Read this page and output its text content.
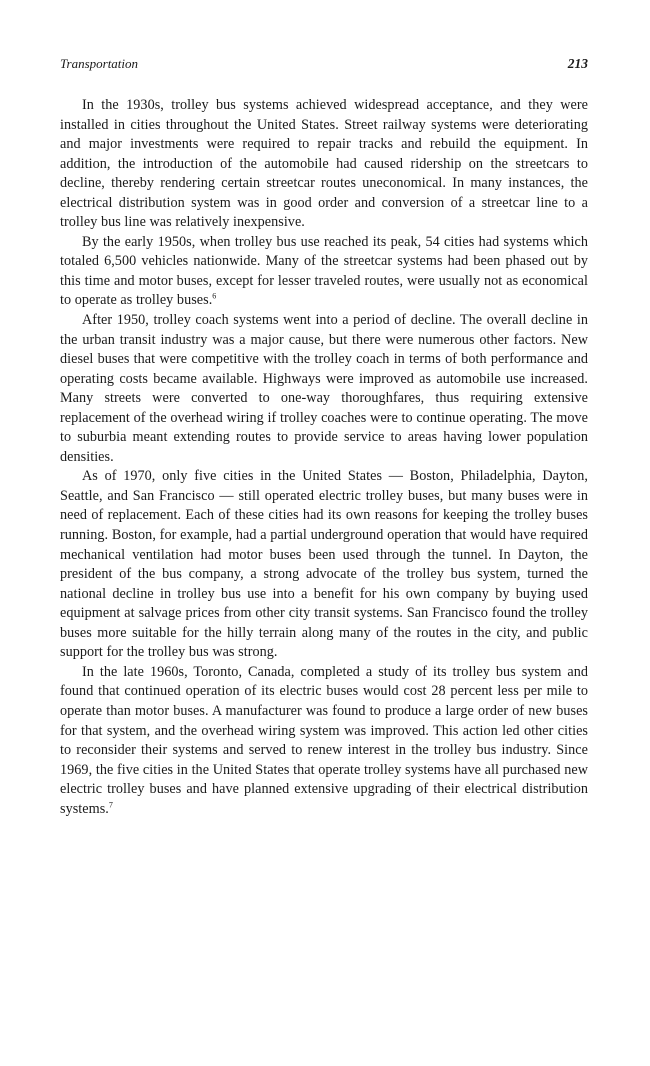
Transportation	213

In the 1930s, trolley bus systems achieved widespread acceptance, and they were installed in cities throughout the United States. Street railway systems were deteriorating and major investments were required to repair tracks and rebuild the equipment. In addition, the introduction of the automobile had caused ridership on the streetcars to decline, thereby rendering certain streetcar routes uneconomical. In many instances, the electrical distribution system was in good order and conversion of a streetcar line to a trolley bus line was relatively inexpensive.

By the early 1950s, when trolley bus use reached its peak, 54 cities had systems which totaled 6,500 vehicles nationwide. Many of the streetcar systems had been phased out by this time and motor buses, except for lesser traveled routes, were usually not as economical to operate as trolley buses.$^6$

After 1950, trolley coach systems went into a period of decline. The overall decline in the urban transit industry was a major cause, but there were numerous other factors. New diesel buses that were competitive with the trolley coach in terms of both performance and operating costs became available. Highways were improved as automobile use increased. Many streets were converted to one-way thoroughfares, thus requiring extensive replacement of the overhead wiring if trolley coaches were to continue operating. The move to suburbia meant extending routes to provide service to areas having lower population densities.

As of 1970, only five cities in the United States — Boston, Philadelphia, Dayton, Seattle, and San Francisco — still operated electric trolley buses, but many buses were in need of replacement. Each of these cities had its own reasons for keeping the trolley buses running. Boston, for example, had a partial underground operation that would have required mechanical ventilation had motor buses been used through the tunnel. In Dayton, the president of the bus company, a strong advocate of the trolley bus system, turned the national decline in trolley bus use into a benefit for his own company by buying used equipment at salvage prices from other city transit systems. San Francisco found the trolley buses more suitable for the hilly terrain along many of the routes in the city, and public support for the trolley bus was strong.

In the late 1960s, Toronto, Canada, completed a study of its trolley bus system and found that continued operation of its electric buses would cost 28 percent less per mile to operate than motor buses. A manufacturer was found to produce a large order of new buses for that system, and the overhead wiring system was improved. This action led other cities to reconsider their systems and served to renew interest in the trolley bus industry. Since 1969, the five cities in the United States that operate trolley systems have all purchased new electric trolley buses and have planned extensive upgrading of their electrical distribution systems.$^7$
